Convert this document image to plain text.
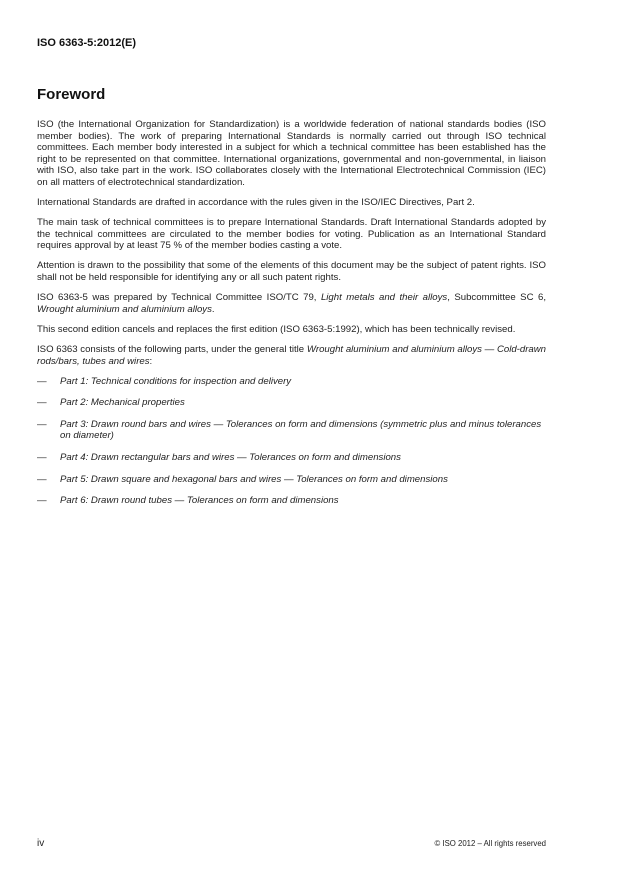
ISO 6363-5:2012(E)
Foreword

ISO (the International Organization for Standardization) is a worldwide federation of national standards bodies (ISO member bodies). The work of preparing International Standards is normally carried out through ISO technical committees. Each member body interested in a subject for which a technical committee has been established has the right to be represented on that committee. International organizations, governmental and non-governmental, in liaison with ISO, also take part in the work. ISO collaborates closely with the International Electrotechnical Commission (IEC) on all matters of electrotechnical standardization.

International Standards are drafted in accordance with the rules given in the ISO/IEC Directives, Part 2.

The main task of technical committees is to prepare International Standards. Draft International Standards adopted by the technical committees are circulated to the member bodies for voting. Publication as an International Standard requires approval by at least 75 % of the member bodies casting a vote.

Attention is drawn to the possibility that some of the elements of this document may be the subject of patent rights. ISO shall not be held responsible for identifying any or all such patent rights.

ISO 6363-5 was prepared by Technical Committee ISO/TC 79, Light metals and their alloys, Subcommittee SC 6, Wrought aluminium and aluminium alloys.

This second edition cancels and replaces the first edition (ISO 6363-5:1992), which has been technically revised.

ISO 6363 consists of the following parts, under the general title Wrought aluminium and aluminium alloys — Cold-drawn rods/bars, tubes and wires:

— Part 1: Technical conditions for inspection and delivery
— Part 2: Mechanical properties
— Part 3: Drawn round bars and wires — Tolerances on form and dimensions (symmetric plus and minus tolerances on diameter)
— Part 4: Drawn rectangular bars and wires — Tolerances on form and dimensions
— Part 5: Drawn square and hexagonal bars and wires — Tolerances on form and dimensions
— Part 6: Drawn round tubes — Tolerances on form and dimensions
iv	© ISO 2012 – All rights reserved
